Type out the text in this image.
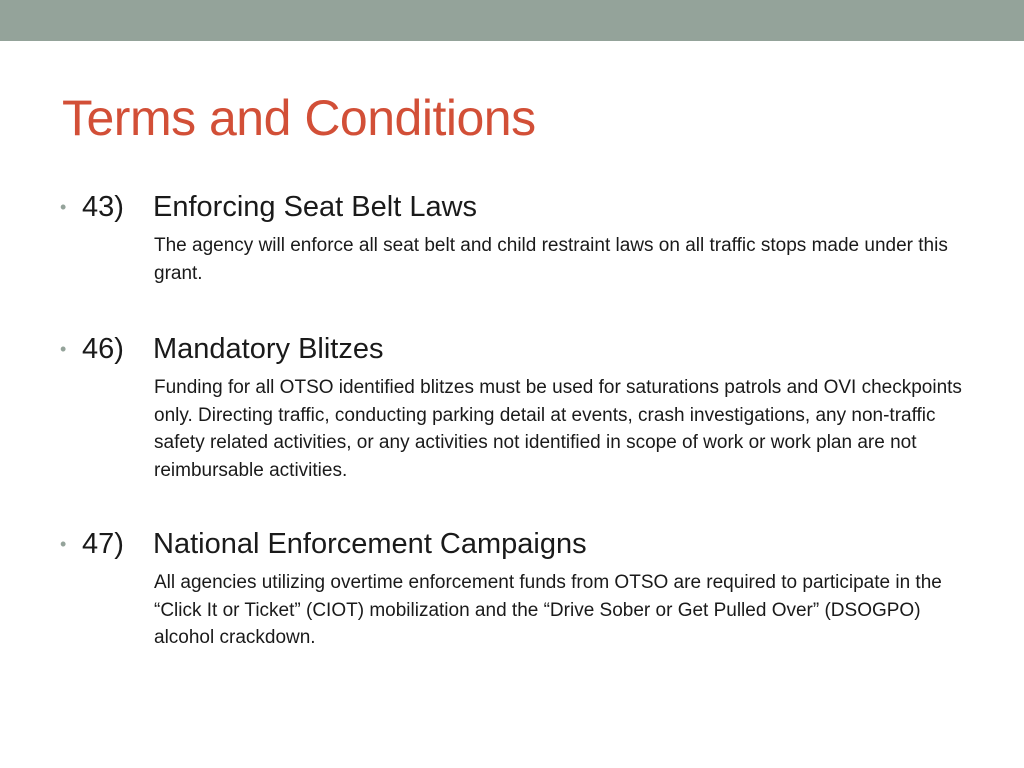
Terms and Conditions
• 43) Enforcing Seat Belt Laws
The agency will enforce all seat belt and child restraint laws on all traffic stops made under this grant.
• 46) Mandatory Blitzes
Funding for all OTSO identified blitzes must be used for saturations patrols and OVI checkpoints only. Directing traffic, conducting parking detail at events, crash investigations, any non-traffic safety related activities, or any activities not identified in scope of work or work plan are not reimbursable activities.
• 47) National Enforcement Campaigns
All agencies utilizing overtime enforcement funds from OTSO are required to participate in the “Click It or Ticket” (CIOT) mobilization and the “Drive Sober or Get Pulled Over” (DSOGPO) alcohol crackdown.
